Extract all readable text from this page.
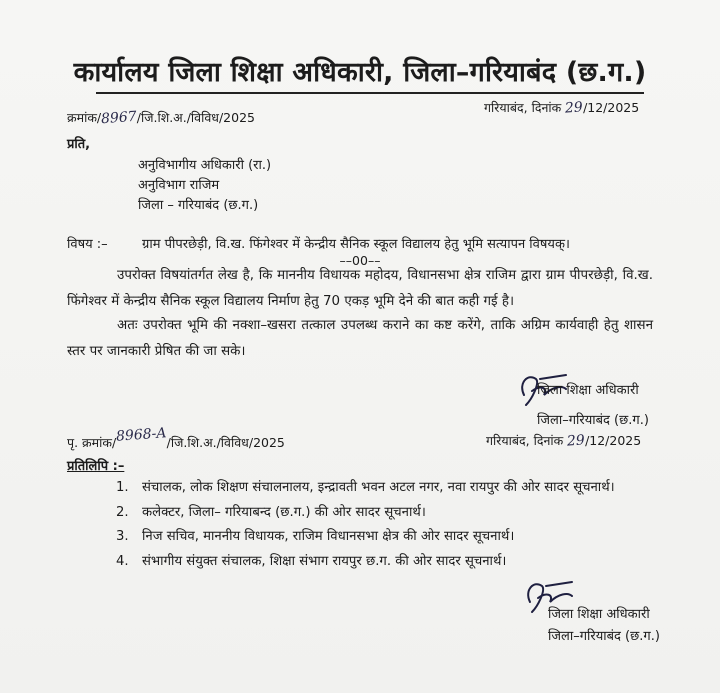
कार्यालय जिला शिक्षा अधिकारी, जिला–गरियाबंद (छ.ग.)
क्रमांक/8967/जि.शि.अ./विविध/2025
गरियाबंद, दिनांक 29/12/2025
प्रति,
अनुविभागीय अधिकारी (रा.)
अनुविभाग राजिम
जिला – गरियाबंद (छ.ग.)
विषय :–	ग्राम पीपरछेड़ी, वि.ख. फिंगेश्वर में केन्द्रीय सैनिक स्कूल विद्यालय हेतु भूमि सत्यापन विषयक्।
––00––
उपरोक्त विषयांतर्गत लेख है, कि माननीय विधायक महोदय, विधानसभा क्षेत्र राजिम द्वारा ग्राम पीपरछेड़ी, वि.ख. फिंगेश्वर में केन्द्रीय सैनिक स्कूल विद्यालय निर्माण हेतु 70 एकड़ भूमि देने की बात कही गई है।
अतः उपरोक्त भूमि की नक्शा–खसरा तत्काल उपलब्ध कराने का कष्ट करेंगे, ताकि अग्रिम कार्यवाही हेतु शासन स्तर पर जानकारी प्रेषित की जा सके।
जिला शिक्षा अधिकारी
जिला–गरियाबंद (छ.ग.)
पृ. क्रमांक/8968-A/जि.शि.अ./विविध/2025	गरियाबंद, दिनांक 29/12/2025
प्रतिलिपि :–
1. संचालक, लोक शिक्षण संचालनालय, इन्द्रावती भवन अटल नगर, नवा रायपुर की ओर सादर सूचनार्थ।
2. कलेक्टर, जिला– गरियाबन्द (छ.ग.) की ओर सादर सूचनार्थ।
3. निज सचिव, माननीय विधायक, राजिम विधानसभा क्षेत्र की ओर सादर सूचनार्थ।
4. संभागीय संयुक्त संचालक, शिक्षा संभाग रायपुर छ.ग. की ओर सादर सूचनार्थ।
जिला शिक्षा अधिकारी
जिला–गरियाबंद (छ.ग.)
